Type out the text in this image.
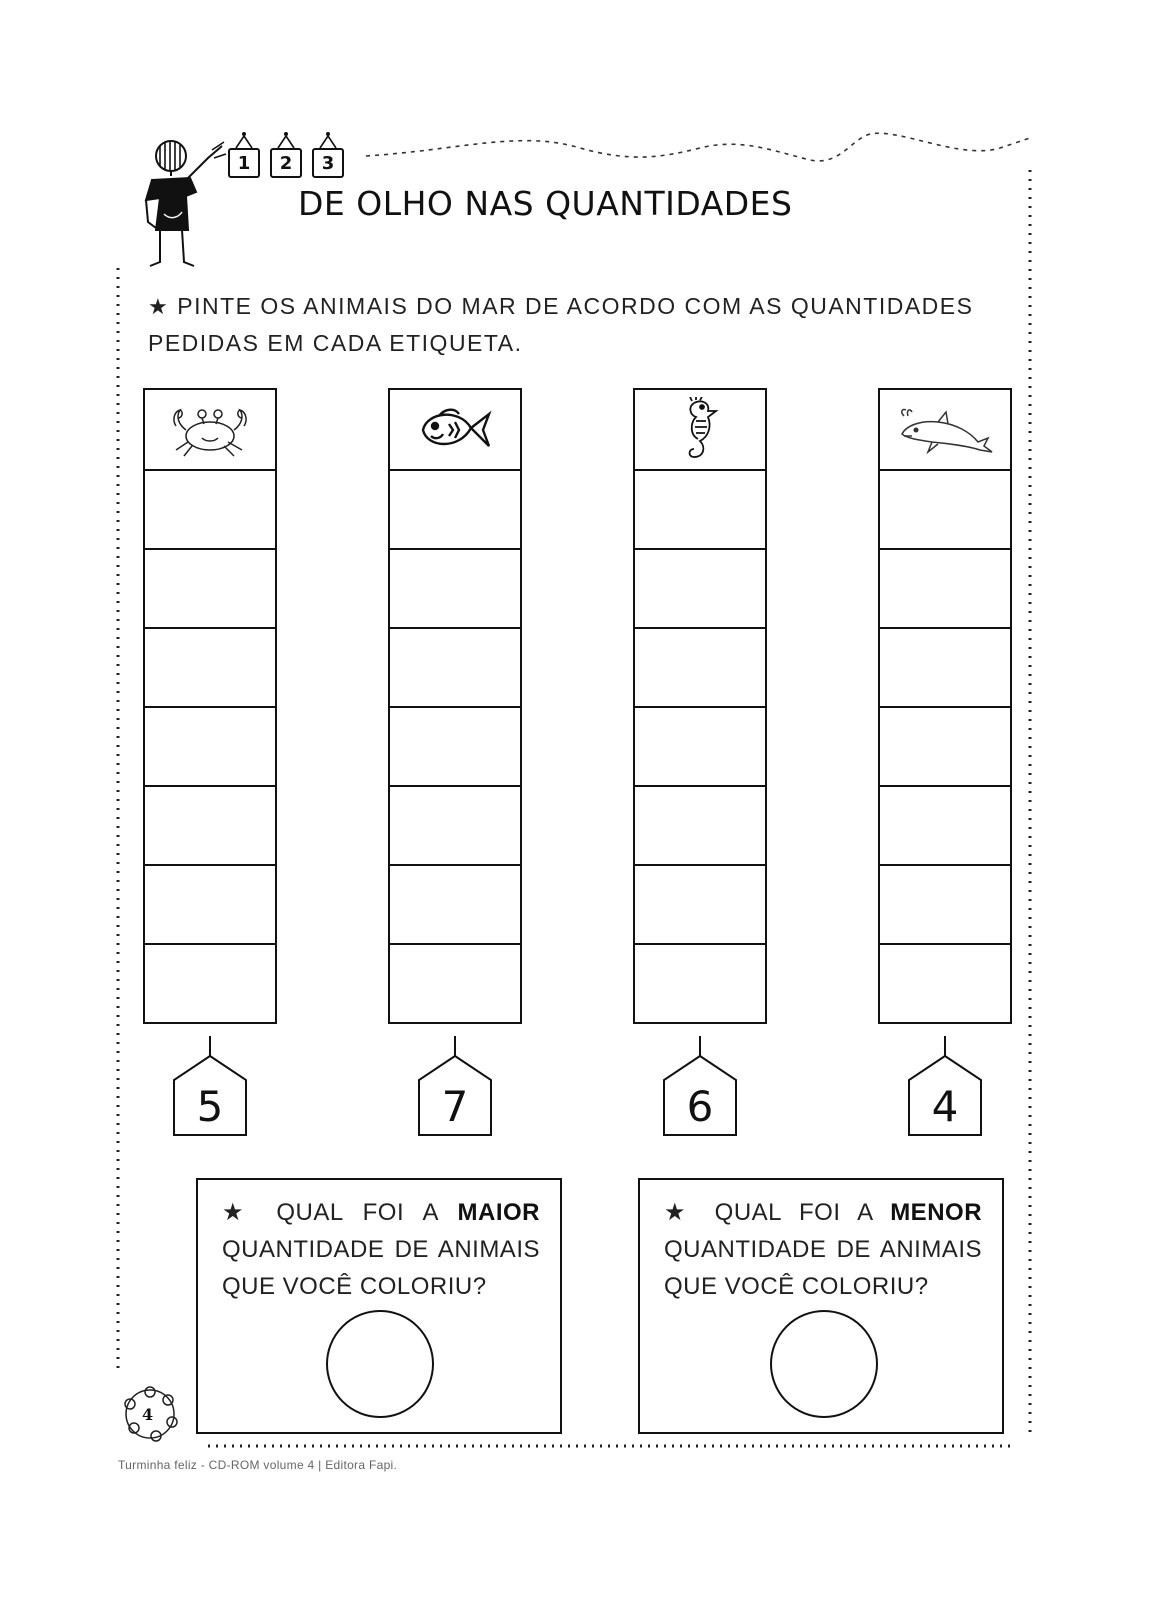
1	2	3
DE OLHO NAS QUANTIDADES
★ PINTE OS ANIMAIS DO MAR DE ACORDO COM AS QUANTIDADES
PEDIDAS EM CADA ETIQUETA.
5	7	6	4
★ QUAL FOI A MAIOR QUANTIDADE DE ANIMAIS QUE VOCÊ COLORIU?
★ QUAL FOI A MENOR QUANTIDADE DE ANIMAIS QUE VOCÊ COLORIU?
4
Turminha feliz - CD-ROM volume 4 | Editora Fapi.
